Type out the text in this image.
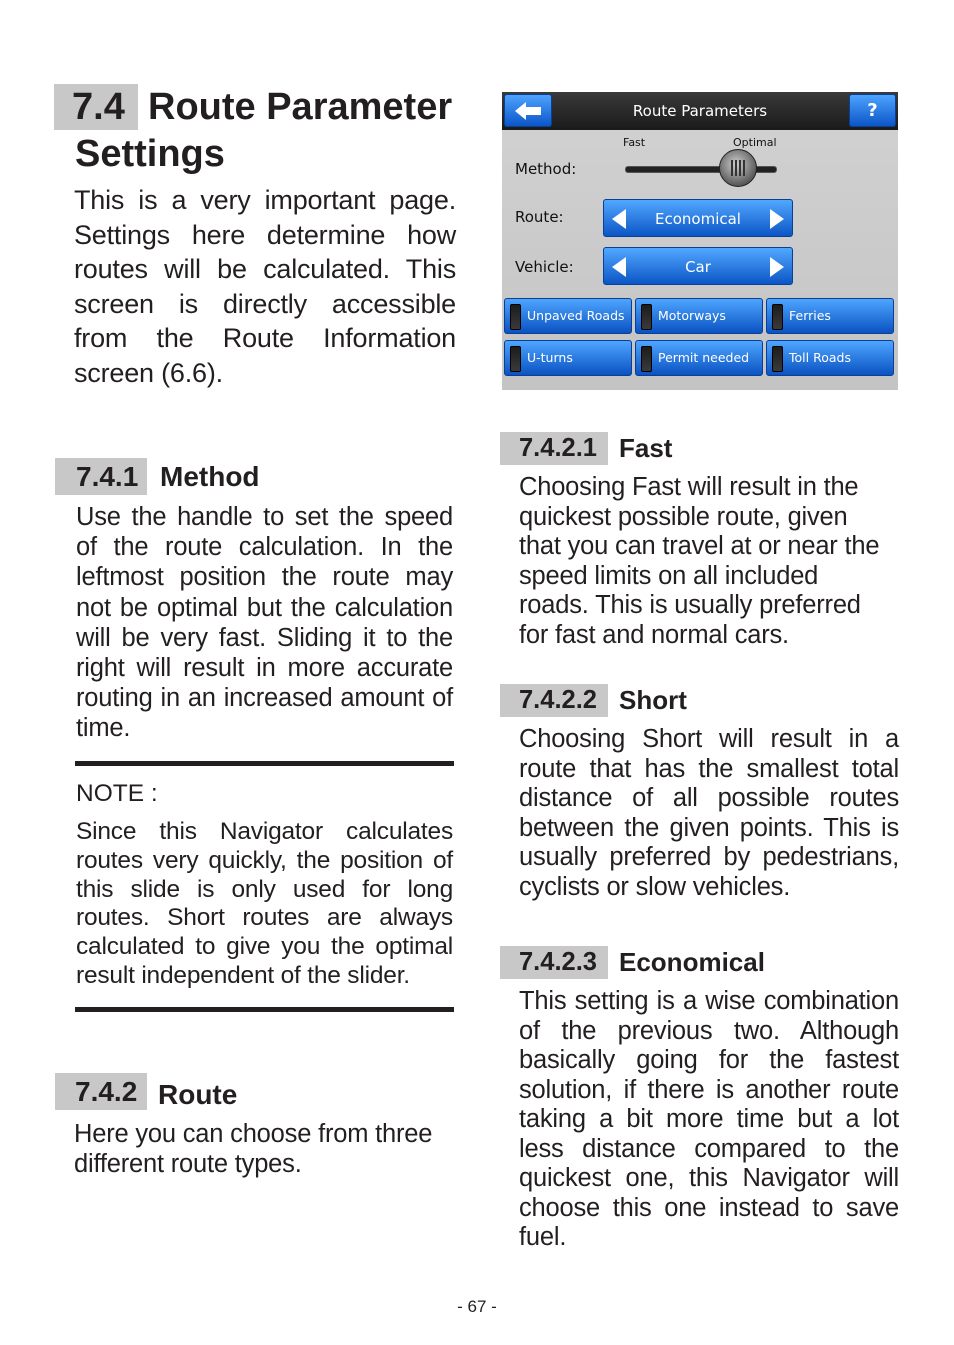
7.4 Route Parameter
Settings

This is a very important page. Settings here determine how routes will be calculated. This screen is directly accessible from the Route Information screen (6.6).

7.4.1 Method

Use the handle to set the speed of the route calculation. In the leftmost position the route may not be optimal but the calculation will be very fast. Sliding it to the right will result in more accurate routing in an increased amount of time.

NOTE :

Since this Navigator calculates routes very quickly, the position of this slide is only used for long routes. Short routes are always calculated to give you the optimal result independent of the slider.

7.4.2 Route

Here you can choose from three different route types.

Route Parameters	?
Fast	Optimal
Method:
Route:	Economical
Vehicle:	Car
Unpaved Roads	Motorways	Ferries
U-turns	Permit needed	Toll Roads
7.4.2.1 Fast

Choosing Fast will result in the quickest possible route, given that you can travel at or near the speed limits on all included roads. This is usually preferred for fast and normal cars.

7.4.2.2 Short

Choosing Short will result in a route that has the smallest total distance of all possible routes between the given points. This is usually preferred by pedestrians, cyclists or slow vehicles.

7.4.2.3 Economical

This setting is a wise combination of the previous two. Although basically going for the fastest solution, if there is another route taking a bit more time but a lot less distance compared to the quickest one, this Navigator will choose this one instead to save fuel.

- 67 -
